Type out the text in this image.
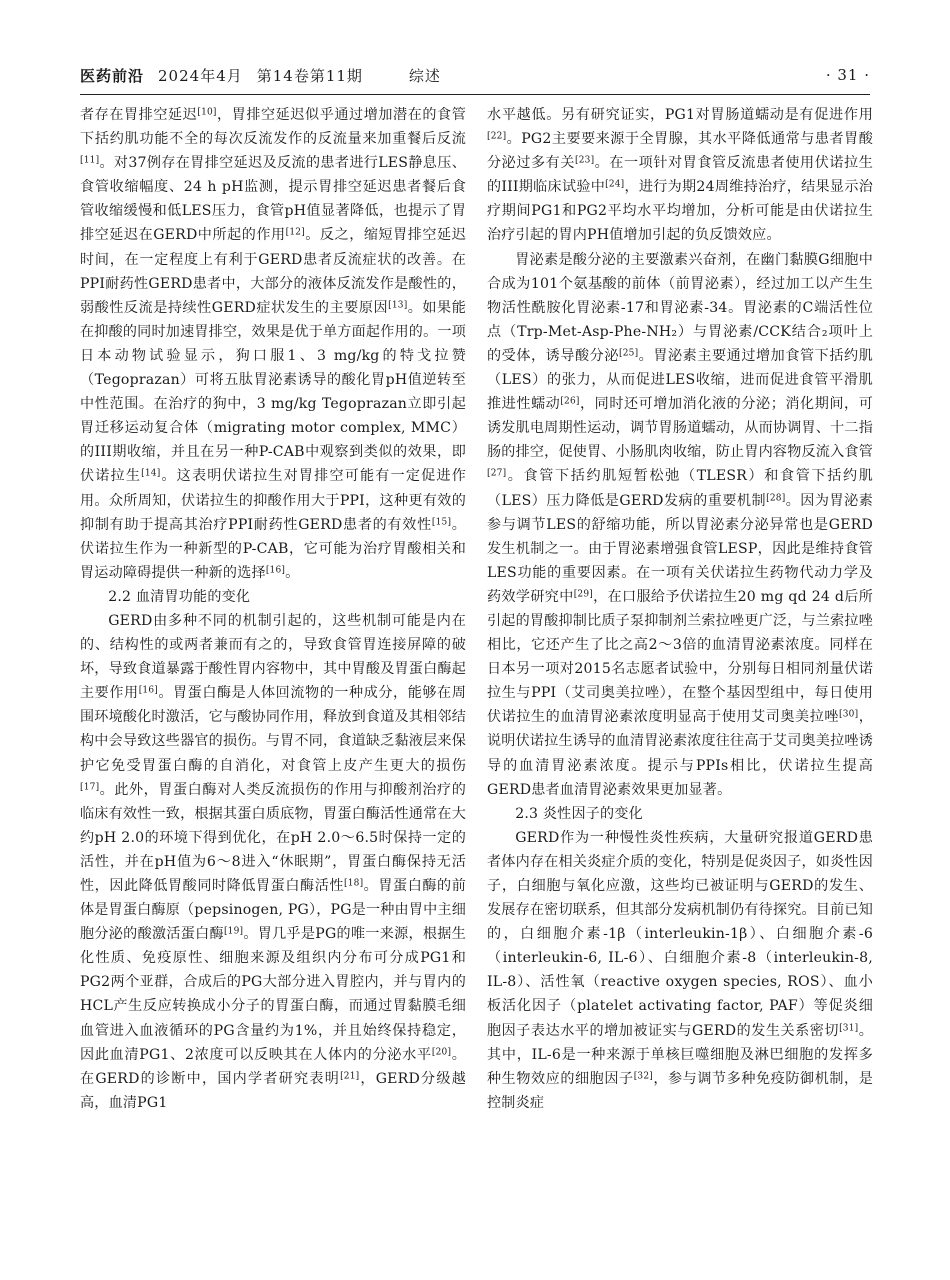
医药前沿 2024年4月 第14卷第11期	综述	· 31 ·

者存在胃排空延迟[10]，胃排空延迟似乎通过增加潜在的食管下括约肌功能不全的每次反流发作的反流量来加重餐后反流[11]。对37例存在胃排空延迟及反流的患者进行LES静息压、食管收缩幅度、24 h pH监测，提示胃排空延迟患者餐后食管收缩缓慢和低LES压力，食管pH值显著降低，也提示了胃排空延迟在GERD中所起的作用[12]。反之，缩短胃排空延迟时间，在一定程度上有利于GERD患者反流症状的改善。在PPI耐药性GERD患者中，大部分的液体反流发作是酸性的，弱酸性反流是持续性GERD症状发生的主要原因[13]。如果能在抑酸的同时加速胃排空，效果是优于单方面起作用的。一项日本动物试验显示，狗口服1、3 mg/kg的特戈拉赞（Tegoprazan）可将五肽胃泌素诱导的酸化胃pH值逆转至中性范围。在治疗的狗中，3 mg/kg Tegoprazan立即引起胃迁移运动复合体（migrating motor complex, MMC）的III期收缩，并且在另一种P-CAB中观察到类似的效果，即伏诺拉生[14]。这表明伏诺拉生对胃排空可能有一定促进作用。众所周知，伏诺拉生的抑酸作用大于PPI，这种更有效的抑制有助于提高其治疗PPI耐药性GERD患者的有效性[15]。伏诺拉生作为一种新型的P-CAB，它可能为治疗胃酸相关和胃运动障碍提供一种新的选择[16]。

2.2 血清胃功能的变化

GERD由多种不同的机制引起的，这些机制可能是内在的、结构性的或两者兼而有之的，导致食管胃连接屏障的破坏，导致食道暴露于酸性胃内容物中，其中胃酸及胃蛋白酶起主要作用[16]。胃蛋白酶是人体回流物的一种成分，能够在周围环境酸化时激活，它与酸协同作用，释放到食道及其相邻结构中会导致这些器官的损伤。与胃不同，食道缺乏黏液层来保护它免受胃蛋白酶的自消化，对食管上皮产生更大的损伤[17]。此外，胃蛋白酶对人类反流损伤的作用与抑酸剂治疗的临床有效性一致，根据其蛋白质底物，胃蛋白酶活性通常在大约pH 2.0的环境下得到优化，在pH 2.0～6.5时保持一定的活性，并在pH值为6～8进入“休眠期”，胃蛋白酶保持无活性，因此降低胃酸同时降低胃蛋白酶活性[18]。胃蛋白酶的前体是胃蛋白酶原（pepsinogen, PG），PG是一种由胃中主细胞分泌的酸激活蛋白酶[19]。胃几乎是PG的唯一来源，根据生化性质、免疫原性、细胞来源及组织内分布可分成PG1和PG2两个亚群，合成后的PG大部分进入胃腔内，并与胃内的HCL产生反应转换成小分子的胃蛋白酶，而通过胃黏膜毛细血管进入血液循环的PG含量约为1%，并且始终保持稳定，因此血清PG1、2浓度可以反映其在人体内的分泌水平[20]。在GERD的诊断中，国内学者研究表明[21]，GERD分级越高，血清PG1

水平越低。另有研究证实，PG1对胃肠道蠕动是有促进作用[22]。PG2主要要来源于全胃腺，其水平降低通常与患者胃酸分泌过多有关[23]。在一项针对胃食管反流患者使用伏诺拉生的III期临床试验中[24]，进行为期24周维持治疗，结果显示治疗期间PG1和PG2平均水平均增加，分析可能是由伏诺拉生治疗引起的胃内PH值增加引起的负反馈效应。

胃泌素是酸分泌的主要激素兴奋剂，在幽门黏膜G细胞中合成为101个氨基酸的前体（前胃泌素），经过加工以产生生物活性酰胺化胃泌素-17和胃泌素-34。胃泌素的C端活性位点（Trp-Met-Asp-Phe-NH₂）与胃泌素/CCK结合₂项叶上的受体，诱导酸分泌[25]。胃泌素主要通过增加食管下括约肌（LES）的张力，从而促进LES收缩，进而促进食管平滑肌推进性蠕动[26]，同时还可增加消化液的分泌；消化期间，可诱发肌电周期性运动，调节胃肠道蠕动，从而协调胃、十二指肠的排空，促使胃、小肠肌肉收缩，防止胃内容物反流入食管[27]。食管下括约肌短暂松弛（TLESR）和食管下括约肌（LES）压力降低是GERD发病的重要机制[28]。因为胃泌素参与调节LES的舒缩功能，所以胃泌素分泌异常也是GERD发生机制之一。由于胃泌素增强食管LESP，因此是维持食管LES功能的重要因素。在一项有关伏诺拉生药物代动力学及药效学研究中[29]，在口服给予伏诺拉生20 mg qd 24 d后所引起的胃酸抑制比质子泵抑制剂兰索拉唑更广泛，与兰索拉唑相比，它还产生了比之高2～3倍的血清胃泌素浓度。同样在日本另一项对2015名志愿者试验中，分别每日相同剂量伏诺拉生与PPI（艾司奥美拉唑），在整个基因型组中，每日使用伏诺拉生的血清胃泌素浓度明显高于使用艾司奥美拉唑[30]，说明伏诺拉生诱导的血清胃泌素浓度往往高于艾司奥美拉唑诱导的血清胃泌素浓度。提示与PPIs相比，伏诺拉生提高GERD患者血清胃泌素效果更加显著。

2.3 炎性因子的变化

GERD作为一种慢性炎性疾病，大量研究报道GERD患者体内存在相关炎症介质的变化，特别是促炎因子，如炎性因子，白细胞与氧化应激，这些均已被证明与GERD的发生、发展存在密切联系，但其部分发病机制仍有待探究。目前已知的，白细胞介素-1β（interleukin-1β）、白细胞介素-6（interleukin-6, IL-6）、白细胞介素-8（interleukin-8, IL-8）、活性氧（reactive oxygen species, ROS）、血小板活化因子（platelet activating factor, PAF）等促炎细胞因子表达水平的增加被证实与GERD的发生关系密切[31]。其中，IL-6是一种来源于单核巨噬细胞及淋巴细胞的发挥多种生物效应的细胞因子[32]，参与调节多种免疫防御机制，是控制炎症
